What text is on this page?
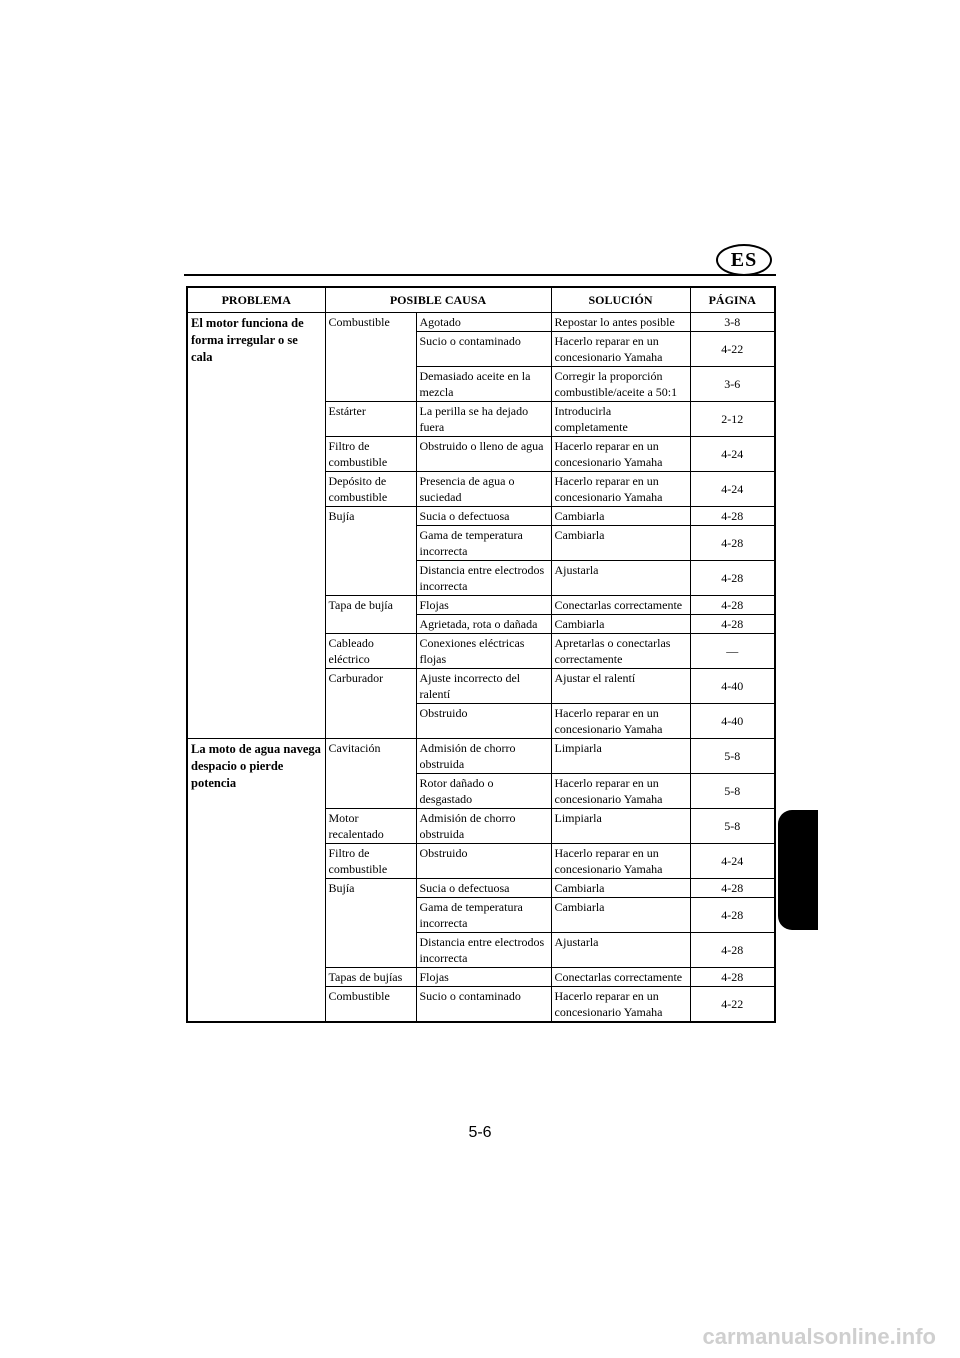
ES
PROBLEMA	POSIBLE CAUSA		SOLUCIÓN	PÁGINA
El motor funciona de forma irregular o se cala	Combustible	Agotado	Repostar lo antes posible	3-8
		Sucio o contaminado	Hacerlo reparar en un concesionario Yamaha	4-22
		Demasiado aceite en la mezcla	Corregir la proporción combustible/aceite a 50:1	3-6
	Estárter	La perilla se ha dejado fuera	Introducirla completamente	2-12
	Filtro de combustible	Obstruido o lleno de agua	Hacerlo reparar en un concesionario Yamaha	4-24
	Depósito de combustible	Presencia de agua o suciedad	Hacerlo reparar en un concesionario Yamaha	4-24
	Bujía	Sucia o defectuosa	Cambiarla	4-28
		Gama de temperatura incorrecta	Cambiarla	4-28
		Distancia entre electrodos incorrecta	Ajustarla	4-28
	Tapa de bujía	Flojas	Conectarlas correctamente	4-28
		Agrietada, rota o dañada	Cambiarla	4-28
	Cableado eléctrico	Conexiones eléctricas flojas	Apretarlas o conectarlas correctamente	—
	Carburador	Ajuste incorrecto del ralentí	Ajustar el ralentí	4-40
		Obstruido	Hacerlo reparar en un concesionario Yamaha	4-40
La moto de agua navega despacio o pierde potencia	Cavitación	Admisión de chorro obstruida	Limpiarla	5-8
		Rotor dañado o desgastado	Hacerlo reparar en un concesionario Yamaha	5-8
	Motor recalentado	Admisión de chorro obstruida	Limpiarla	5-8
	Filtro de combustible	Obstruido	Hacerlo reparar en un concesionario Yamaha	4-24
	Bujía	Sucia o defectuosa	Cambiarla	4-28
		Gama de temperatura incorrecta	Cambiarla	4-28
		Distancia entre electrodos incorrecta	Ajustarla	4-28
	Tapas de bujías	Flojas	Conectarlas correctamente	4-28
	Combustible	Sucio o contaminado	Hacerlo reparar en un concesionario Yamaha	4-22
5-6
carmanualsonline.info
